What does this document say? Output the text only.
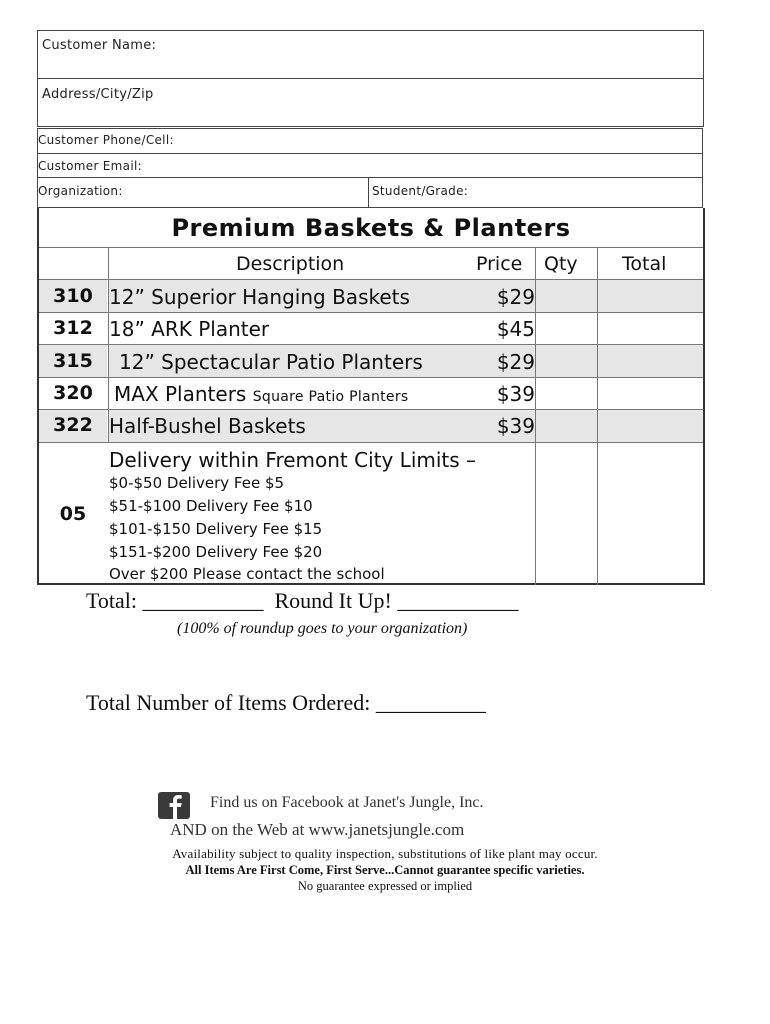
Customer Name:
Address/City/Zip
Customer Phone/Cell:
Customer Email:
Organization:	Student/Grade:
Premium Baskets & Planters
Description	Price Qty Total
310 12” Superior Hanging Baskets	$29
312 18” ARK Planter	$45
315	12” Spectacular Patio Planters	$29
320	MAX Planters Square Patio Planters	$39
322 Half-Bushel Baskets	$39
05
Delivery within Fremont City Limits –
$0-$50 Delivery Fee $5
$51-$100 Delivery Fee $10
$101-$150 Delivery Fee $15
$151-$200 Delivery Fee $20
Over $200 Please contact the school
Total: ___________  Round It Up! ___________
(100% of roundup goes to your organization)
Total Number of Items Ordered: __________
Find us on Facebook at Janet's Jungle, Inc.
AND on the Web at www.janetsjungle.com
Availability subject to quality inspection, substitutions of like plant may occur.
All Items Are First Come, First Serve...Cannot guarantee specific varieties.
No guarantee expressed or implied
